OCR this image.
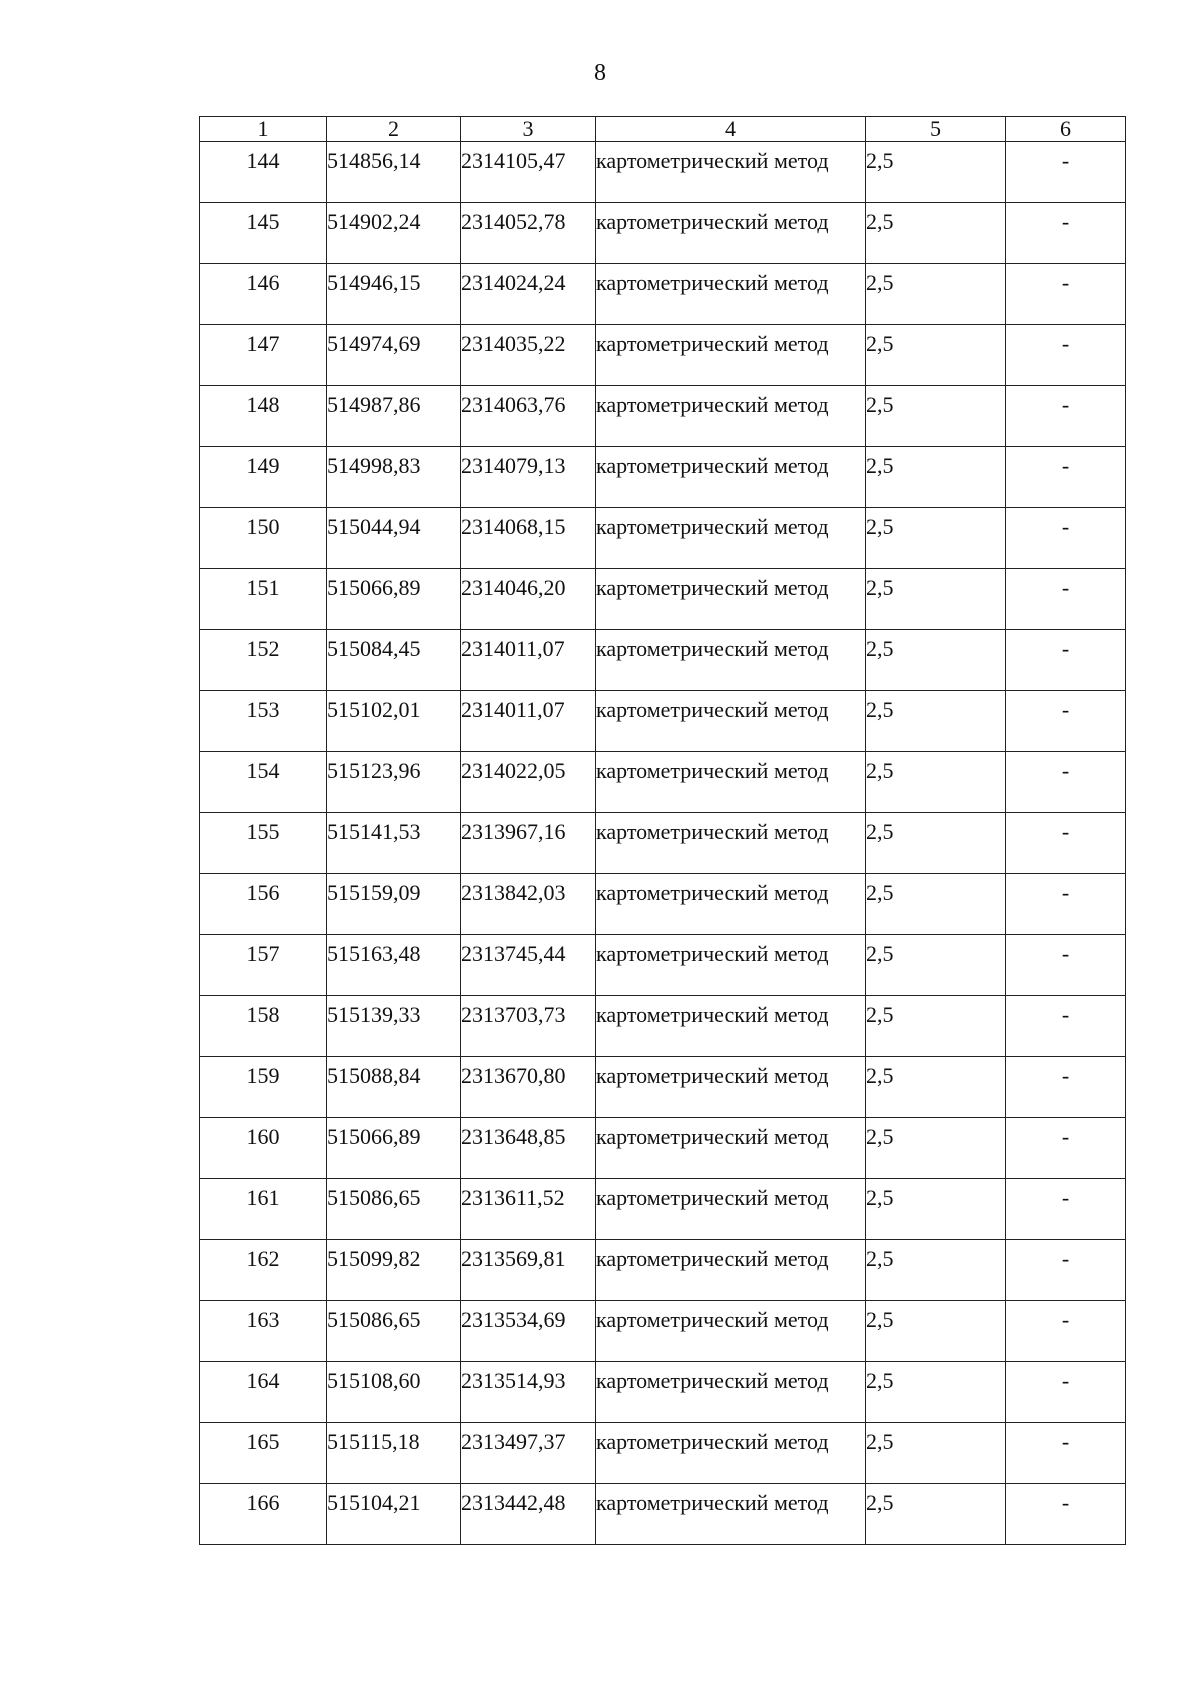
8
1	2	3	4	5	6
144	514856,14	2314105,47	картометрический метод	2,5	-
145	514902,24	2314052,78	картометрический метод	2,5	-
146	514946,15	2314024,24	картометрический метод	2,5	-
147	514974,69	2314035,22	картометрический метод	2,5	-
148	514987,86	2314063,76	картометрический метод	2,5	-
149	514998,83	2314079,13	картометрический метод	2,5	-
150	515044,94	2314068,15	картометрический метод	2,5	-
151	515066,89	2314046,20	картометрический метод	2,5	-
152	515084,45	2314011,07	картометрический метод	2,5	-
153	515102,01	2314011,07	картометрический метод	2,5	-
154	515123,96	2314022,05	картометрический метод	2,5	-
155	515141,53	2313967,16	картометрический метод	2,5	-
156	515159,09	2313842,03	картометрический метод	2,5	-
157	515163,48	2313745,44	картометрический метод	2,5	-
158	515139,33	2313703,73	картометрический метод	2,5	-
159	515088,84	2313670,80	картометрический метод	2,5	-
160	515066,89	2313648,85	картометрический метод	2,5	-
161	515086,65	2313611,52	картометрический метод	2,5	-
162	515099,82	2313569,81	картометрический метод	2,5	-
163	515086,65	2313534,69	картометрический метод	2,5	-
164	515108,60	2313514,93	картометрический метод	2,5	-
165	515115,18	2313497,37	картометрический метод	2,5	-
166	515104,21	2313442,48	картометрический метод	2,5	-
